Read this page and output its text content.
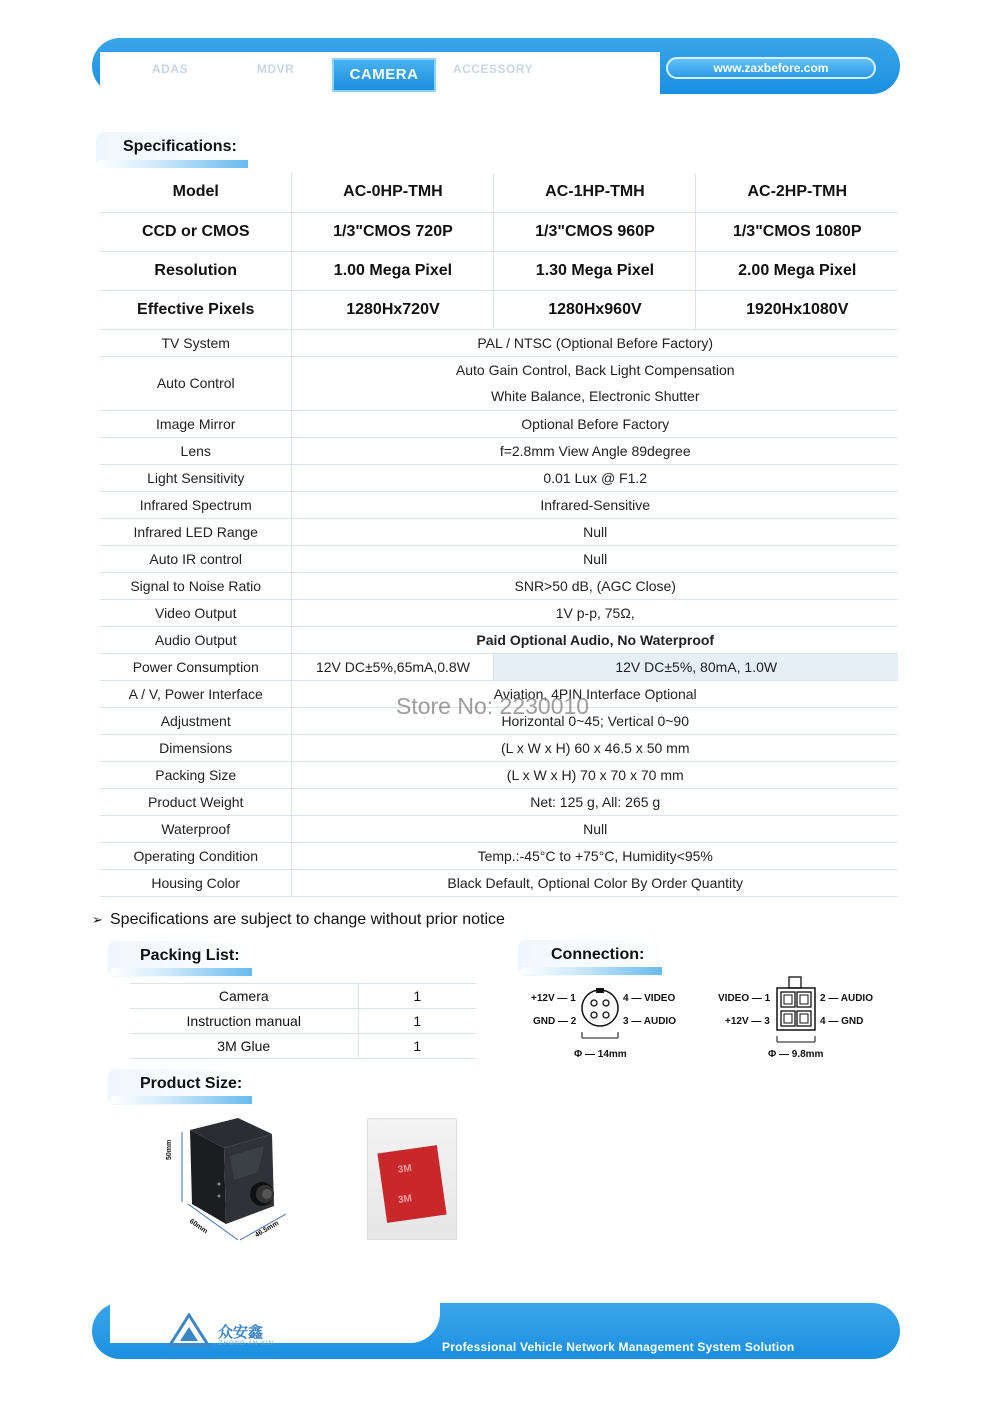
ADAS	MDVR	CAMERA	ACCESSORY	www.zaxbefore.com
Specifications:
Model	AC-0HP-TMH	AC-1HP-TMH	AC-2HP-TMH
CCD or CMOS	1/3"CMOS 720P	1/3"CMOS 960P	1/3"CMOS 1080P
Resolution	1.00 Mega Pixel	1.30 Mega Pixel	2.00 Mega Pixel
Effective Pixels	1280Hx720V	1280Hx960V	1920Hx1080V
TV System	PAL / NTSC (Optional Before Factory)		
Auto Control	Auto Gain Control, Back Light Compensation
White Balance, Electronic Shutter		

Image Mirror	Optional Before Factory		
Lens	f=2.8mm View Angle 89degree		
Light Sensitivity	0.01 Lux @ F1.2		
Infrared Spectrum	Infrared-Sensitive		
Infrared LED Range	Null		
Auto IR control	Null		
Signal to Noise Ratio	SNR>50 dB, (AGC Close)		
Video Output	1V p-p, 75Ω,		
Audio Output	Paid Optional Audio, No Waterproof		
Power Consumption	12V DC±5%,65mA,0.8W	12V DC±5%, 80mA, 1.0W	
A / V, Power Interface	Aviation, 4PIN Interface Optional		
Adjustment	Horizontal 0~45; Vertical 0~90		
Dimensions	(L x W x H) 60 x 46.5 x 50 mm		
Packing Size	(L x W x H) 70 x 70 x 70 mm		
Product Weight	Net: 125 g, All: 265 g		
Waterproof	Null		
Operating Condition	Temp.:-45°C to +75°C, Humidity<95%		
Housing Color	Black Default, Optional Color By Order Quantity		
Store No: 2230010
➢ Specifications are subject to change without prior notice
Packing List:
Camera	1
Instruction manual	1
3M Glue	1
Connection:
+12V — 1
GND — 2
4 — VIDEO
3 — AUDIO
Φ — 14mm
VIDEO — 1
+12V — 3
2 — AUDIO
4 — GND
Φ — 9.8mm
Product Size:
50mm
60mm	46.5mm
3M
3M
众安鑫
ZHONG AN XIN	Professional Vehicle Network Management System Solution
